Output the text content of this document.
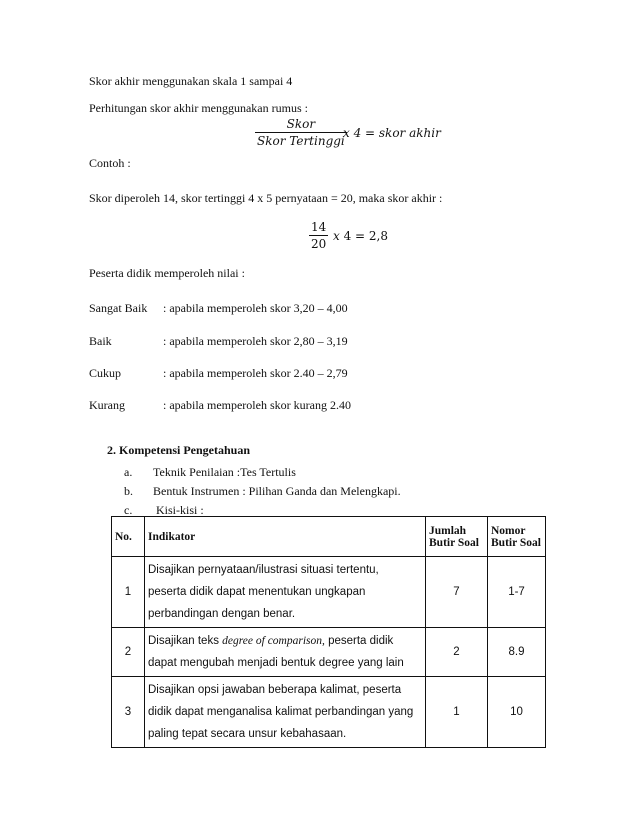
Skor akhir menggunakan skala 1 sampai 4
Perhitungan skor akhir menggunakan rumus :
Skor
Skor Tertinggi
x 4 = skor akhir
Contoh :
Skor diperoleh 14, skor tertinggi 4 x 5 pernyataan = 20, maka skor akhir :
14
20
x 4 = 2,8
Peserta didik memperoleh nilai :
Sangat Baik : apabila memperoleh skor 3,20 – 4,00
Baik	: apabila memperoleh skor 2,80 – 3,19
Cukup	: apabila memperoleh skor 2.40 – 2,79
Kurang	: apabila memperoleh skor kurang 2.40
2. Kompetensi Pengetahuan
a. Teknik Penilaian :Tes Tertulis
b. Bentuk Instrumen : Pilihan Ganda dan Melengkapi.
c. Kisi-kisi :
No.	Indikator	Jumlah Butir Soal	Nomor Butir Soal
1	Disajikan pernyataan/ilustrasi situasi tertentu,
peserta didik dapat menentukan ungkapan
perbandingan dengan benar.	7	1-7
2	Disajikan teks degree of comparison, peserta didik
dapat mengubah menjadi bentuk degree yang lain	2	8.9
3	Disajikan opsi jawaban beberapa kalimat, peserta
didik dapat menganalisa kalimat perbandingan yang
paling tepat secara unsur kebahasaan.	1	10
